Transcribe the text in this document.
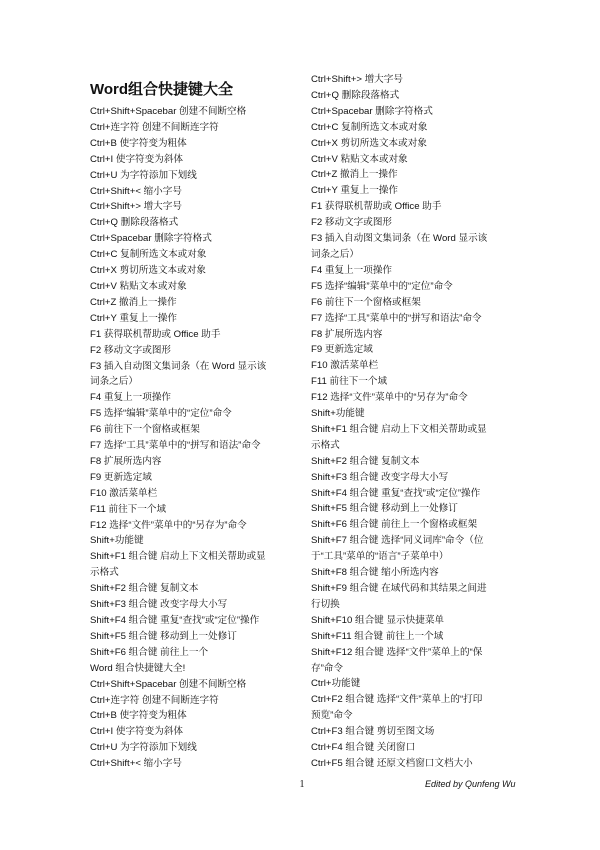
Word组合快捷键大全
Ctrl+Shift+Spacebar 创建不间断空格
Ctrl+连字符 创建不间断连字符
Ctrl+B 使字符变为粗体
Ctrl+I 使字符变为斜体
Ctrl+U 为字符添加下划线
Ctrl+Shift+< 缩小字号
Ctrl+Shift+> 增大字号
Ctrl+Q 删除段落格式
Ctrl+Spacebar 删除字符格式
Ctrl+C 复制所选文本或对象
Ctrl+X 剪切所选文本或对象
Ctrl+V 粘贴文本或对象
Ctrl+Z 撤消上一操作
Ctrl+Y 重复上一操作
F1 获得联机帮助或 Office 助手
F2 移动文字或图形
F3 插入自动图文集词条（在 Word 显示该
词条之后）
F4 重复上一项操作
F5 选择“编辑”菜单中的“定位”命令
F6 前往下一个窗格或框架
F7 选择“工具”菜单中的“拼写和语法”命令
F8 扩展所选内容
F9 更新选定域
F10 激活菜单栏
F11 前往下一个域
F12 选择“文件”菜单中的“另存为”命令
Shift+功能键
Shift+F1 组合键 启动上下文相关帮助或显
示格式
Shift+F2 组合键 复制文本
Shift+F3 组合键 改变字母大小写
Shift+F4 组合键 重复“查找”或“定位”操作
Shift+F5 组合键 移动到上一处修订
Shift+F6 组合键 前往上一个
Word 组合快捷键大全!
Ctrl+Shift+Spacebar 创建不间断空格
Ctrl+连字符 创建不间断连字符
Ctrl+B 使字符变为粗体
Ctrl+I 使字符变为斜体
Ctrl+U 为字符添加下划线
Ctrl+Shift+< 缩小字号
Ctrl+Shift+> 增大字号
Ctrl+Q 删除段落格式
Ctrl+Spacebar 删除字符格式
Ctrl+C 复制所选文本或对象
Ctrl+X 剪切所选文本或对象
Ctrl+V 粘贴文本或对象
Ctrl+Z 撤消上一操作
Ctrl+Y 重复上一操作
F1 获得联机帮助或 Office 助手
F2 移动文字或图形
F3 插入自动图文集词条（在 Word 显示该
词条之后）
F4 重复上一项操作
F5 选择“编辑”菜单中的“定位”命令
F6 前往下一个窗格或框架
F7 选择“工具”菜单中的“拼写和语法”命令
F8 扩展所选内容
F9 更新选定域
F10 激活菜单栏
F11 前往下一个域
F12 选择“文件”菜单中的“另存为”命令
Shift+功能键
Shift+F1 组合键 启动上下文相关帮助或显
示格式
Shift+F2 组合键 复制文本
Shift+F3 组合键 改变字母大小写
Shift+F4 组合键 重复“查找”或“定位”操作
Shift+F5 组合键 移动到上一处修订
Shift+F6 组合键 前往上一个窗格或框架
Shift+F7 组合键 选择“同义词库”命令（位
于“工具”菜单的“语言”子菜单中）
Shift+F8 组合键 缩小所选内容
Shift+F9 组合键 在域代码和其结果之间进
行切换
Shift+F10 组合键 显示快捷菜单
Shift+F11 组合键 前往上一个域
Shift+F12 组合键 选择“文件”菜单上的“保
存”命令
Ctrl+功能键
Ctrl+F2 组合键 选择“文件”菜单上的“打印
预览”命令
Ctrl+F3 组合键 剪切至图文场
Ctrl+F4 组合键 关闭窗口
Ctrl+F5 组合键 还原文档窗口文档大小
1	Edited by Qunfeng Wu
